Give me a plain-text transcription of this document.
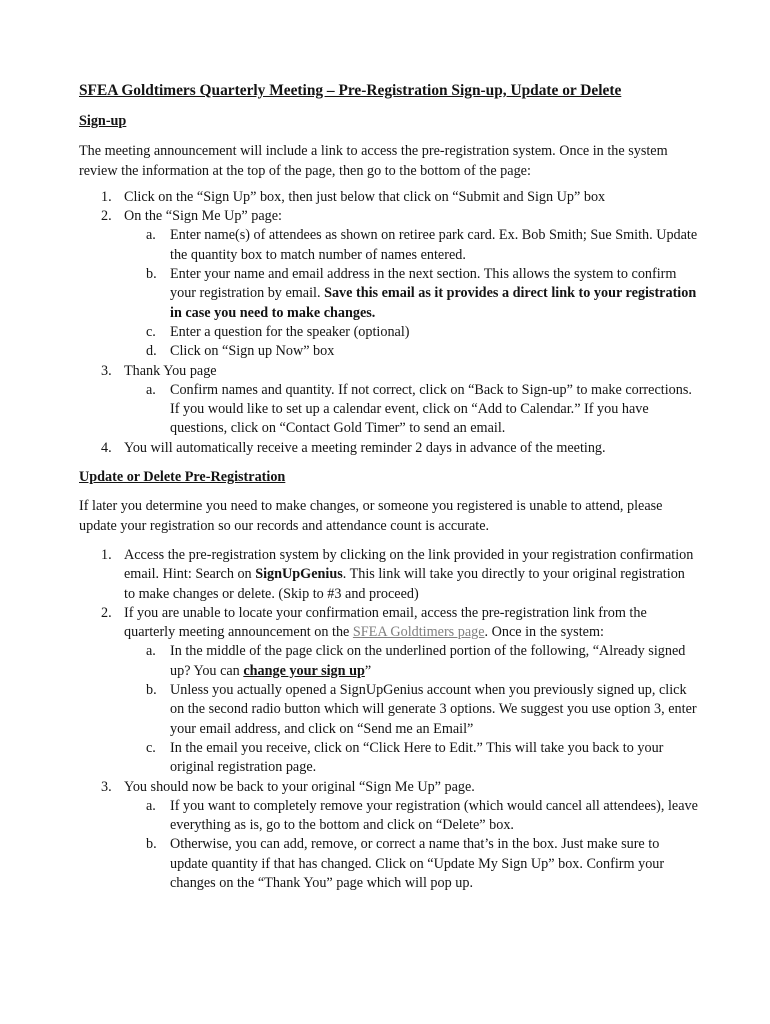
SFEA Goldtimers Quarterly Meeting – Pre-Registration Sign-up, Update or Delete

Sign-up

The meeting announcement will include a link to access the pre-registration system. Once in the system review the information at the top of the page, then go to the bottom of the page:

1. Click on the “Sign Up” box, then just below that click on “Submit and Sign Up” box
2. On the “Sign Me Up” page:
a. Enter name(s) of attendees as shown on retiree park card. Ex. Bob Smith; Sue Smith. Update the quantity box to match number of names entered.
b. Enter your name and email address in the next section. This allows the system to confirm your registration by email. Save this email as it provides a direct link to your registration in case you need to make changes.
c. Enter a question for the speaker (optional)
d. Click on “Sign up Now” box
3. Thank You page
a. Confirm names and quantity. If not correct, click on “Back to Sign-up” to make corrections. If you would like to set up a calendar event, click on “Add to Calendar.” If you have questions, click on “Contact Gold Timer” to send an email.
4. You will automatically receive a meeting reminder 2 days in advance of the meeting.

Update or Delete Pre-Registration

If later you determine you need to make changes, or someone you registered is unable to attend, please update your registration so our records and attendance count is accurate.

1. Access the pre-registration system by clicking on the link provided in your registration confirmation email. Hint: Search on SignUpGenius. This link will take you directly to your original registration to make changes or delete. (Skip to #3 and proceed)
2. If you are unable to locate your confirmation email, access the pre-registration link from the quarterly meeting announcement on the SFEA Goldtimers page. Once in the system:
a. In the middle of the page click on the underlined portion of the following, “Already signed up? You can change your sign up”
b. Unless you actually opened a SignUpGenius account when you previously signed up, click on the second radio button which will generate 3 options. We suggest you use option 3, enter your email address, and click on “Send me an Email”
c. In the email you receive, click on “Click Here to Edit.” This will take you back to your original registration page.
3. You should now be back to your original “Sign Me Up” page.
a. If you want to completely remove your registration (which would cancel all attendees), leave everything as is, go to the bottom and click on “Delete” box.
b. Otherwise, you can add, remove, or correct a name that’s in the box. Just make sure to update quantity if that has changed. Click on “Update My Sign Up” box. Confirm your changes on the “Thank You” page which will pop up.
